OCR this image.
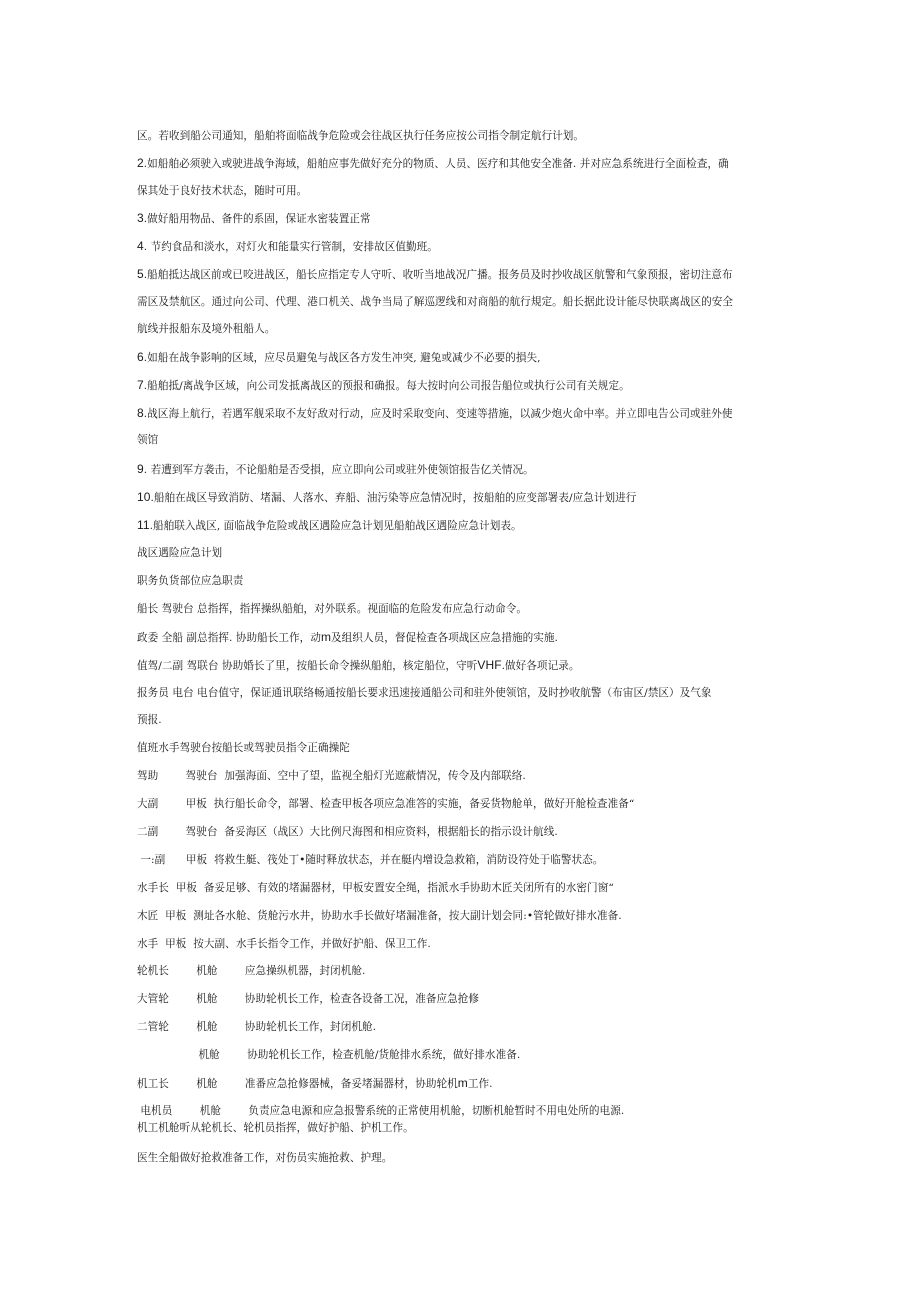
区。若收到船公司通知，船舶将面临战争危险或会往战区执行任务应按公司指令制定航行计划。

2.如船舶必须驶入或驶进战争海域，船舶应事先做好充分的物质、人员、医疗和其他安全准备. 并对应急系统进行全面检查，确

保其处于良好技术状态，随时可用。

3.做好船用物品、备件的系固，保证水密装置正常

4. 节约食品和淡水，对灯火和能量实行管制，安排故区值勤班。

5.船舶抵达战区前或已咬进战区，船长应指定专人守听、收听当地战况广播。报务员及时抄收战区航警和气象预报，密切注意布

需区及禁航区。通过向公司、代理、港口机关、战争当局了解巡逻线和对商船的航行規定。船长据此设计能尽快联离战区的安全

航线并报船东及境外租船人。

6.如船在战争影响的区域，应尽员避兔与战区各方发生冲突, 避兔或减少不必要的損失,

7.船舶抵/离战争区域，向公司发抵离战区的预报和确报。每大按时向公司报告船位或执行公司有关规定。

8.战区海上航行，若遇军舰采取不友好敌对行动，应及时采取变向、变速等措施，以减少炮火命中率。并立即电告公司或驻外使

领馆

9. 若遭到军方袭击，不论船舶是否受損，应立即向公司或驻外使领馆报告亿关情况。

10.船舶在战区导致消防、堵漏、人落水、弃船、油污染等应急情况时，按船舶的应变部署表/应急计划进行

11.船舶联入战区, 面临战争危险或战区遇险应急计划见船舶战区遇险应急计划表。

战区遇险应急计划

职务负货部位应急职责

船长 驾驶台 总指挥，指挥操纵船舶，对外联系。视面临的危险发布应急行动命令。

政委 全船 副总指挥. 协助船长工作，动m及组织人员，督促检查各项战区应急措施的实施.

值驾/二副 驾联台 协助婚长了里，按船长命令操纵船舶，核定船位，守听VHF.做好各项记录。

报务员 电台 电台值守，保证通讯联络畅通按船长要求迅速接通船公司和驻外使领馆，及时抄收航警（布宙区/禁区）及气象

预报.

值班水手驾驶台按船长或驾驶员指令正确操陀

驾助        驾驶台  加强海面、空中了望，监视全船灯光遮蔽情况，传令及内部联络.

大副        甲板  执行船长命令，部署、检查甲板各项应急准答的实施，备妥货物舱单，做好开舱检查准备“

二副        驾驶台  备妥海区（战区）大比例尺海图和相应资料，根据船长的指示设计航线.

一:副      甲板  将救生艇、筏处丁•随时释放状态，并在艇内增设急救箱，消防设符处于临警状态。

水手长  甲板  备妥足够、有效的堵漏器材，甲板安置安全绳，指派水手协助木匠关闭所有的水密门窗“

木匠  甲板  测址各水舱、货舱污水井，协助水手长做好堵漏准备，按大副计划会同:•管轮做好排水准备.

水手  甲板  按大副、水手长指令工作，并做好护船、保卫工作.

轮机长        机舱        应急操纵机器，封闭机舱.

大管轮        机舱        协助轮机长工作，检查各设备工况，准备应急抢修

二管轮        机舱        协助轮机长工作，封闭机舱.

机舱        协助轮机长工作，检查机舱/货舱排水系统，做好排水准备.

机工长        机舱        准番应急抢修器械，备妥堵漏器材，协助轮机m工作.

电机员        机舱        负责应急电源和应急报警系统的正常使用机舱，切断机舱暂时不用电处所的电源.

机工机舱听从轮机长、轮机员指挥，做好护船、护机工作。

医生全船做好抢救准备工作，对伤员实施抢救、护理。
